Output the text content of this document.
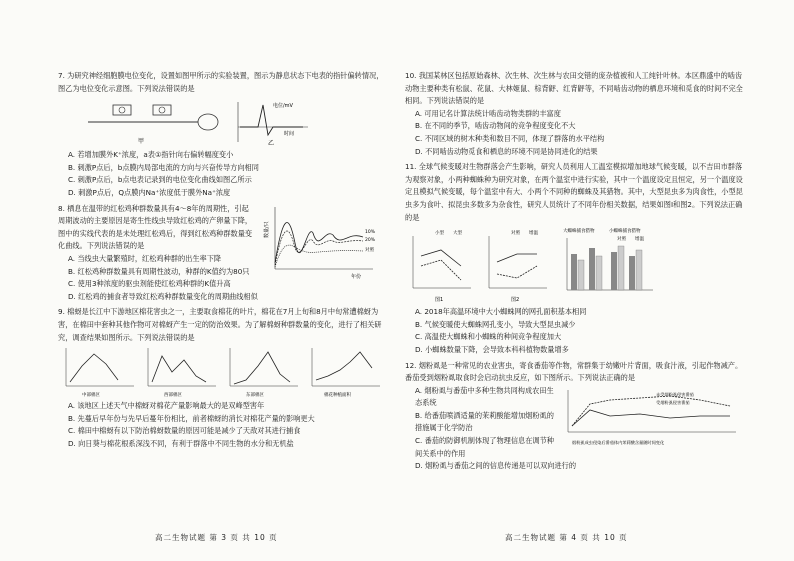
7. 为研究神经细胞膜电位变化，设置如图甲所示的实验装置，图示为静息状态下电表的指针偏转情况，图乙为电位变化示意图。下列说法错误的是
甲
电位/mV
时间
乙
A. 若增加膜外K⁺浓度，a表①指针向右偏转幅度变小
B. 刺激P点后，b点膜内局部电流的方向与兴奋传导方向相同
C. 刺激P点后，b点电表记录到的电位变化曲线如图乙所示
D. 刺激P点后，Q点膜内Na⁺浓度低于膜外Na⁺浓度
8. 栖息在温带的红松鸡种群数量具有4～8年的周期性，引起周期波动的主要原因是寄生性线虫导致红松鸡的产卵量下降，图中的实线代表的是未处理红松鸡后，得到红松鸡种群数量变化曲线。下列说法错误的是
数量/只
年份
10%
20%
对照
A. 当线虫大量繁殖时，红松鸡种群的出生率下降
B. 红松鸡种群数量具有周期性波动，种群的K值约为80只
C. 使用3种浓度的驱虫剂能使红松鸡种群的K值升高
D. 红松鸡的捕食者导致红松鸡种群数量变化的周期曲线相似
9. 棉蚜是长江中下游地区棉花害虫之一，主要取食棉花的叶片，棉花在7月上旬和8月中旬常遭棉蚜为害，在棉田中套种其他作物可对棉蚜产生一定的防治效果。为了解棉蚜种群数量的变化，进行了相关研究，调查结果如图所示。下列说法错误的是
中部棉区	西部棉区	东部棉区	棉花种植面积
A. 该地区上述天气中棉蚜对棉花产量影响最大的是双峰型害年
B. 先蔓后早年份与先早后蔓年份相比，前者棉蚜的消长对棉花产量的影响更大
C. 棉田中棉蚜有以下防治棉蚜数量的原因可能是减少了天敌对其进行捕食
D. 向日葵与棉花根系深浅不同，有利于群落中不同生物的水分和无机盐
高二生物试题 第 3 页 共 10 页
10. 我国某林区包括原始森林、次生林、次生林与农田交错的庞杂植被和人工纯针叶林。本区鼎盛中的啮齿动物主要种类有松鼠、花鼠、大林姬鼠、棕背䶄、红背䶄等，不同啮齿动物的栖息环境和觅食的时间不完全相同。下列说法错误的是
A. 可用记名计算法统计啮齿动物类群的丰富度
B. 在不同的季节，啮齿动物间的竞争程度变化不大
C. 不同区域的树木种类和数目不同，体现了群落的水平结构
D. 不同啮齿动物觅食和栖息的环境不同是协同进化的结果
11. 全球气候变暖对生物群落会产生影响，研究人员利用人工温室模拟增加地球气候变暖，以不吉田市群落为观察对象，小两种蜘蛛种为研究对象，在两个温室中进行实验，其中一个温度设定且恒定，另一个温度设定且模拟气候变暖，每个温室中有大、小两个不同种的蜘蛛及其猎物。其中，大型昆虫多为肉食性，小型昆虫多为食叶、拟昆虫多数多为杂食性，研究人员统计了不同年份相关数据，结果如图I和图2。下列说法正确的是
小型 大型
图1
对照 增温
图2
大蜘蛛捕食猎物	小蜘蛛捕食猎物
对照 增温
A. 2018年高温环境中大小蜘蛛网的网孔面积基本相同
B. 气候变暖使大蜘蛛网孔变小，导致大型昆虫减少
C. 高温使大蜘蛛和小蜘蛛的种间竞争程度加大
D. 小蜘蛛数量下降，会导致本科科植物数量增多
12. 烟粉虱是一种常见的农业害虫，寄食番茄等作物，常群集于幼嫩叶片背面，吸食汁液，引起作物减产。番茄受到烟粉虱取食时会启动抗虫反应，如下图所示。下列说法正确的是
未受烟粉虱侵害番茄
受烟粉虱侵害番茄
烟粉虱成虫侵染后番茄体内茉莉酸含量随时间变化
A. 烟粉虱与番茄中多种生物共同构成农田生态系统
B. 给番茄喷洒适量的茉莉酸能增加烟粉虱的措施属于化学防治
C. 番茄的防御机制体现了物理信息在调节种间关系中的作用
D. 烟粉虱与番茄之间的信息传递是可以双向进行的
高二生物试题 第 4 页 共 10 页
